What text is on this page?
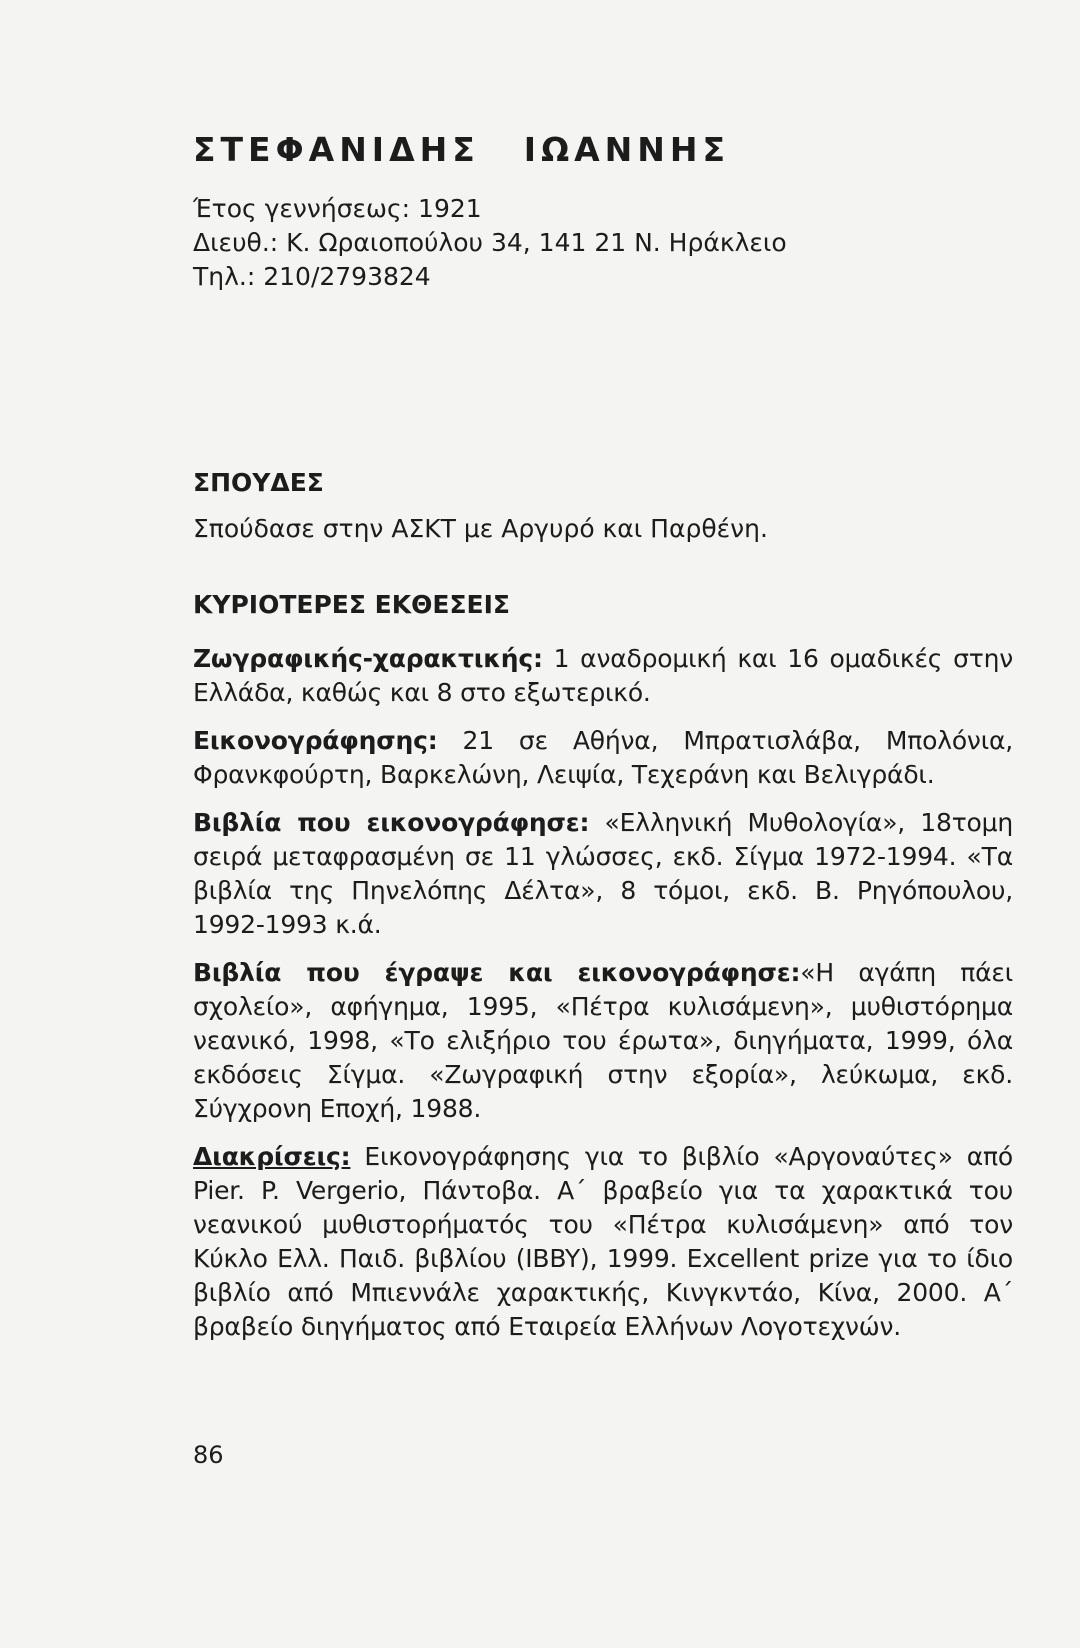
ΣΤΕΦΑΝΙΔΗΣ ΙΩΑΝΝΗΣ

Έτος γεννήσεως: 1921

Διευθ.: Κ. Ωραιοπούλου 34, 141 21 Ν. Ηράκλειο

Τηλ.: 210/2793824

ΣΠΟΥΔΕΣ

Σπούδασε στην ΑΣΚΤ με Αργυρό και Παρθένη.

ΚΥΡΙΟΤΕΡΕΣ ΕΚΘΕΣΕΙΣ

Ζωγραφικής-χαρακτικής: 1 αναδρομική και 16 ομαδικές στην Ελλάδα, καθώς και 8 στο εξωτερικό.

Εικονογράφησης: 21 σε Αθήνα, Μπρατισλάβα, Μπολόνια, Φρανκφούρτη, Βαρκελώνη, Λειψία, Τεχεράνη και Βελιγράδι.

Βιβλία που εικονογράφησε: «Ελληνική Μυθολογία», 18τομη σειρά μεταφρασμένη σε 11 γλώσσες, εκδ. Σίγμα 1972-1994. «Τα βιβλία της Πηνελόπης Δέλτα», 8 τόμοι, εκδ. Β. Ρηγόπουλου, 1992-1993 κ.ά.

Βιβλία που έγραψε και εικονογράφησε:«Η αγάπη πάει σχολείο», αφήγημα, 1995, «Πέτρα κυλισάμενη», μυθιστόρημα νεανικό, 1998, «Το ελιξήριο του έρωτα», διηγήματα, 1999, όλα εκδόσεις Σίγμα. «Ζωγραφική στην εξορία», λεύκωμα, εκδ. Σύγχρονη Εποχή, 1988.

Διακρίσεις: Εικονογράφησης για το βιβλίο «Αργοναύτες» από Pier. P. Vergerio, Πάντοβα. Α΄ βραβείο για τα χαρακτικά του νεανικού μυθιστορήματός του «Πέτρα κυλισάμενη» από τον Κύκλο Ελλ. Παιδ. βιβλίου (IBBY), 1999. Excellent prize για το ίδιο βιβλίο από Μπιεννάλε χαρακτικής, Κινγκντάο, Κίνα, 2000. Α΄ βραβείο διηγήματος από Εταιρεία Ελλήνων Λογοτεχνών.

86
